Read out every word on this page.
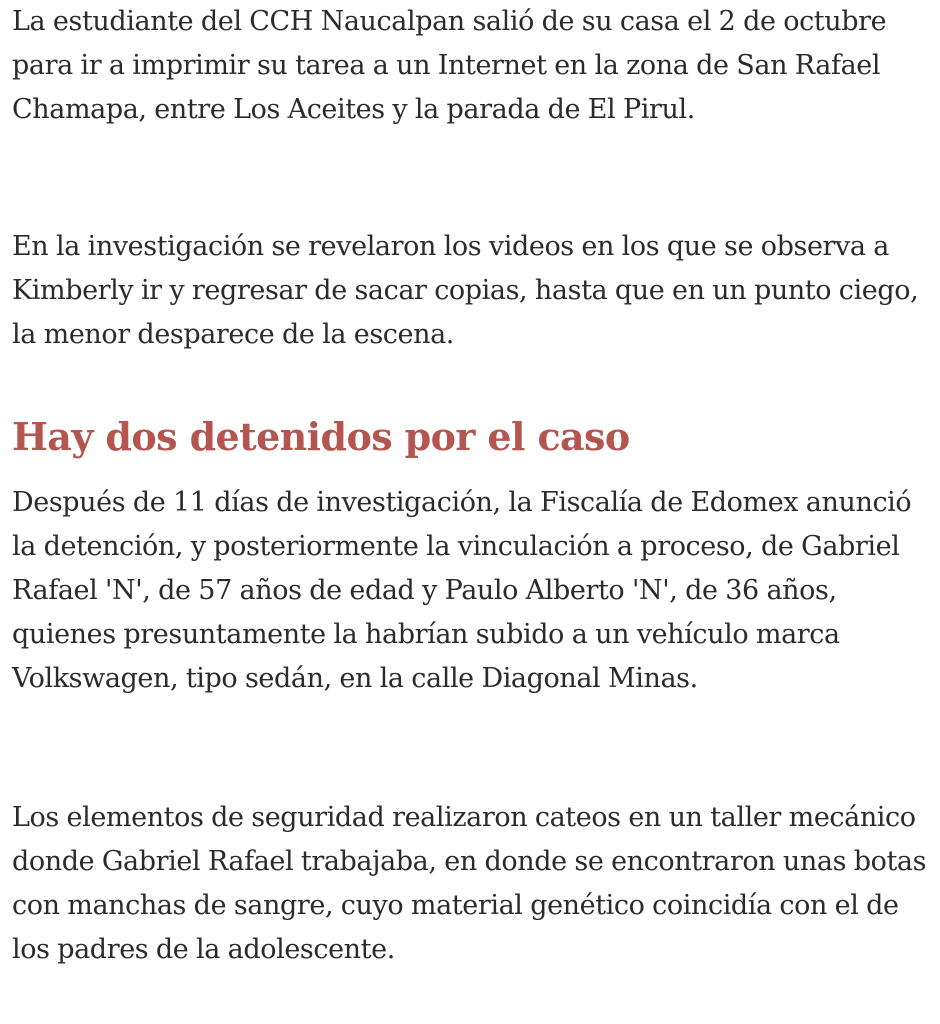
La estudiante del CCH Naucalpan salió de su casa el 2 de octubre para ir a imprimir su tarea a un Internet en la zona de San Rafael Chamapa, entre Los Aceites y la parada de El Pirul.

En la investigación se revelaron los videos en los que se observa a Kimberly ir y regresar de sacar copias, hasta que en un punto ciego, la menor desparece de la escena.

Hay dos detenidos por el caso

Después de 11 días de investigación, la Fiscalía de Edomex anunció la detención, y posteriormente la vinculación a proceso, de Gabriel Rafael 'N', de 57 años de edad y Paulo Alberto 'N', de 36 años, quienes presuntamente la habrían subido a un vehículo marca Volkswagen, tipo sedán, en la calle Diagonal Minas.

Los elementos de seguridad realizaron cateos en un taller mecánico donde Gabriel Rafael trabajaba, en donde se encontraron unas botas con manchas de sangre, cuyo material genético coincidía con el de los padres de la adolescente.
